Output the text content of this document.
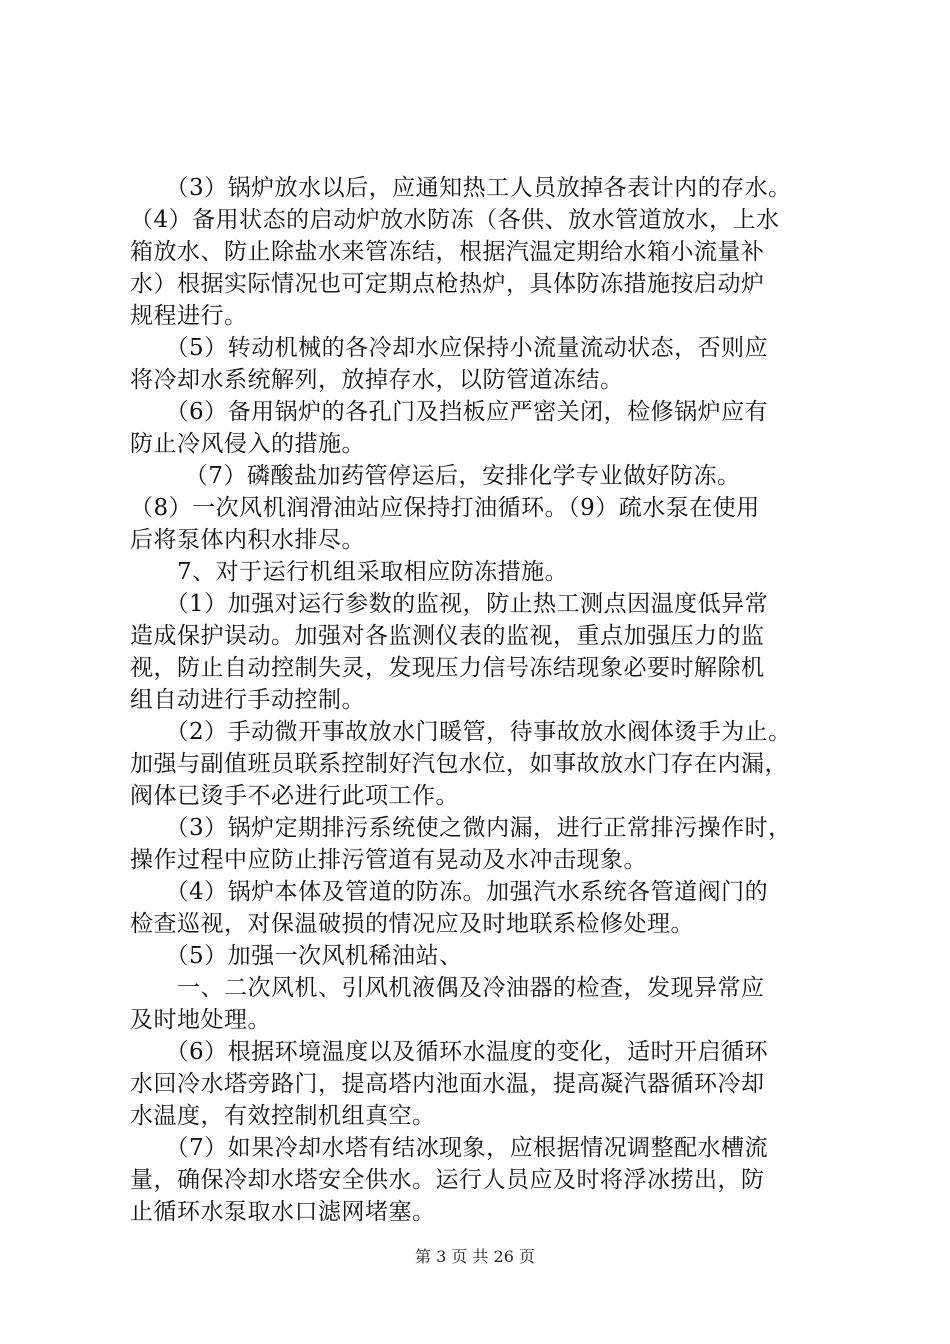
　　（3）锅炉放水以后，应通知热工人员放掉各表计内的存水。
（4）备用状态的启动炉放水防冻（各供、放水管道放水，上水
箱放水、防止除盐水来管冻结，根据汽温定期给水箱小流量补
水）根据实际情况也可定期点枪热炉，具体防冻措施按启动炉
规程进行。
　　（5）转动机械的各冷却水应保持小流量流动状态，否则应
将冷却水系统解列，放掉存水，以防管道冻结。
　　（6）备用锅炉的各孔门及挡板应严密关闭，检修锅炉应有
防止冷风侵入的措施。
　　 （7）磷酸盐加药管停运后，安排化学专业做好防冻。
（8）一次风机润滑油站应保持打油循环。（9）疏水泵在使用
后将泵体内积水排尽。
　　7、对于运行机组采取相应防冻措施。
　　（1）加强对运行参数的监视，防止热工测点因温度低异常
造成保护误动。加强对各监测仪表的监视，重点加强压力的监
视，防止自动控制失灵，发现压力信号冻结现象必要时解除机
组自动进行手动控制。
　　（2）手动微开事故放水门暖管，待事故放水阀体烫手为止。
加强与副值班员联系控制好汽包水位，如事故放水门存在内漏，
阀体已烫手不必进行此项工作。
　　（3）锅炉定期排污系统使之微内漏，进行正常排污操作时，
操作过程中应防止排污管道有晃动及水冲击现象。
　　（4）锅炉本体及管道的防冻。加强汽水系统各管道阀门的
检查巡视，对保温破损的情况应及时地联系检修处理。
　　（5）加强一次风机稀油站、
　　一、二次风机、引风机液偶及冷油器的检查，发现异常应
及时地处理。
　　（6）根据环境温度以及循环水温度的变化，适时开启循环
水回冷水塔旁路门，提高塔内池面水温，提高凝汽器循环冷却
水温度，有效控制机组真空。
　　（7）如果冷却水塔有结冰现象，应根据情况调整配水槽流
量，确保冷却水塔安全供水。运行人员应及时将浮冰捞出，防
止循环水泵取水口滤网堵塞。
第 3 页 共 26 页
